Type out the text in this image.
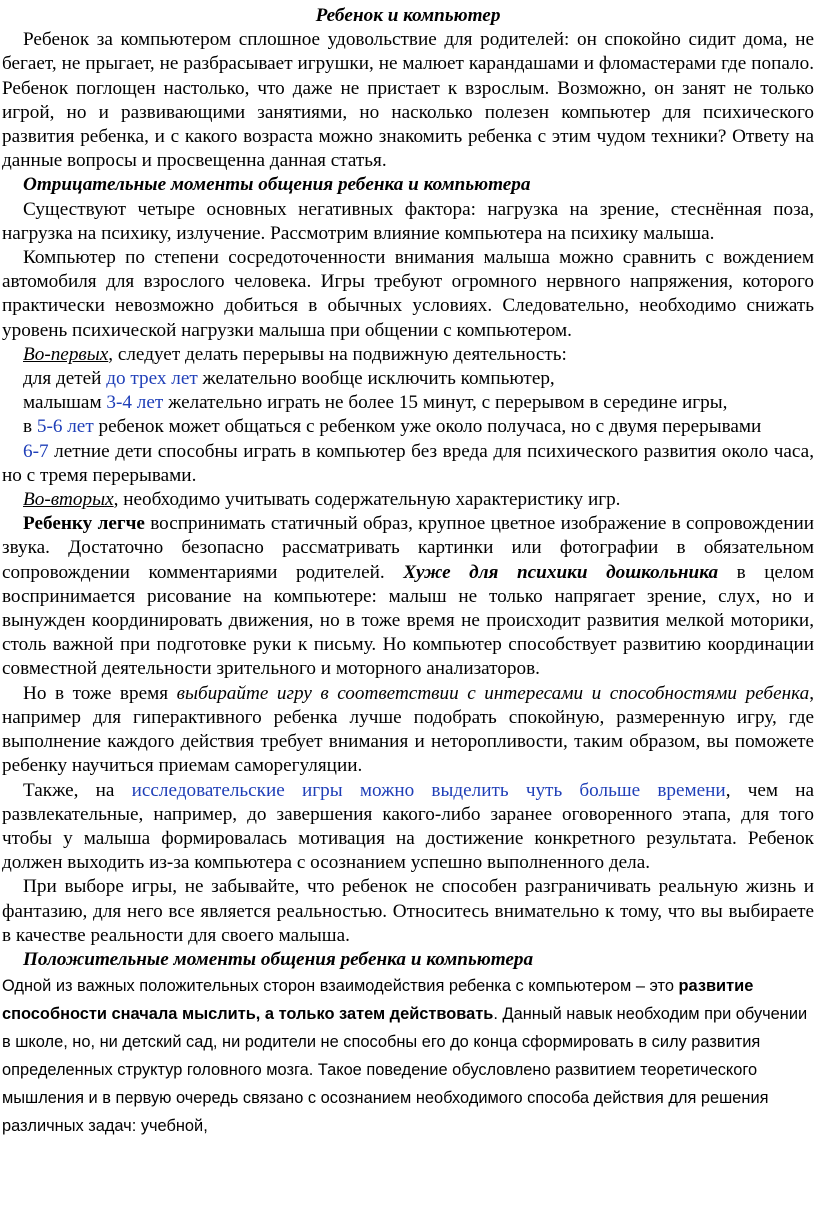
Ребенок и компьютер

Ребенок за компьютером сплошное удовольствие для родителей: он спокойно сидит дома, не бегает, не прыгает, не разбрасывает игрушки, не малюет карандашами и фломастерами где попало. Ребенок поглощен настолько, что даже не пристает к взрослым. Возможно, он занят не только игрой, но и развивающими занятиями, но насколько полезен компьютер для психического развития ребенка, и с какого возраста можно знакомить ребенка с этим чудом техники? Ответу на данные вопросы и просвещенна данная статья.

Отрицательные моменты общения ребенка и компьютера

Существуют четыре основных негативных фактора: нагрузка на зрение, стеснённая поза, нагрузка на психику, излучение. Рассмотрим влияние компьютера на психику малыша.

Компьютер по степени сосредоточенности внимания малыша можно сравнить с вождением автомобиля для взрослого человека. Игры требуют огромного нервного напряжения, которого практически невозможно добиться в обычных условиях. Следовательно, необходимо снижать уровень психической нагрузки малыша при общении с компьютером.

Во-первых, следует делать перерывы на подвижную деятельность:

для детей до трех лет желательно вообще исключить компьютер,

малышам 3-4 лет желательно играть не более 15 минут, с перерывом в середине игры,

в 5-6 лет ребенок может общаться с ребенком уже около получаса, но с двумя перерывами

6-7 летние дети способны играть в компьютер без вреда для психического развития около часа, но с тремя перерывами.

Во-вторых, необходимо учитывать содержательную характеристику игр.

Ребенку легче воспринимать статичный образ, крупное цветное изображение в сопровождении звука. Достаточно безопасно рассматривать картинки или фотографии в обязательном сопровождении комментариями родителей. Хуже для психики дошкольника в целом воспринимается рисование на компьютере: малыш не только напрягает зрение, слух, но и вынужден координировать движения, но в тоже время не происходит развития мелкой моторики, столь важной при подготовке руки к письму. Но компьютер способствует развитию координации совместной деятельности зрительного и моторного анализаторов.

Но в тоже время выбирайте игру в соответствии с интересами и способностями ребенка, например для гиперактивного ребенка лучше подобрать спокойную, размеренную игру, где выполнение каждого действия требует внимания и неторопливости, таким образом, вы поможете ребенку научиться приемам саморегуляции.

Также, на исследовательские игры можно выделить чуть больше времени, чем на развлекательные, например, до завершения какого-либо заранее оговоренного этапа, для того чтобы у малыша формировалась мотивация на достижение конкретного результата. Ребенок должен выходить из-за компьютера с осознанием успешно выполненного дела.

При выборе игры, не забывайте, что ребенок не способен разграничивать реальную жизнь и фантазию, для него все является реальностью. Относитесь внимательно к тому, что вы выбираете в качестве реальности для своего малыша.

Положительные моменты общения ребенка и компьютера

Одной из важных положительных сторон взаимодействия ребенка с компьютером – это развитие способности сначала мыслить, а только затем действовать. Данный навык необходим при обучении в школе, но, ни детский сад, ни родители не способны его до конца сформировать в силу развития определенных структур головного мозга. Такое поведение обусловлено развитием теоретического мышления и в первую очередь связано с осознанием необходимого способа действия для решения различных задач: учебной,
